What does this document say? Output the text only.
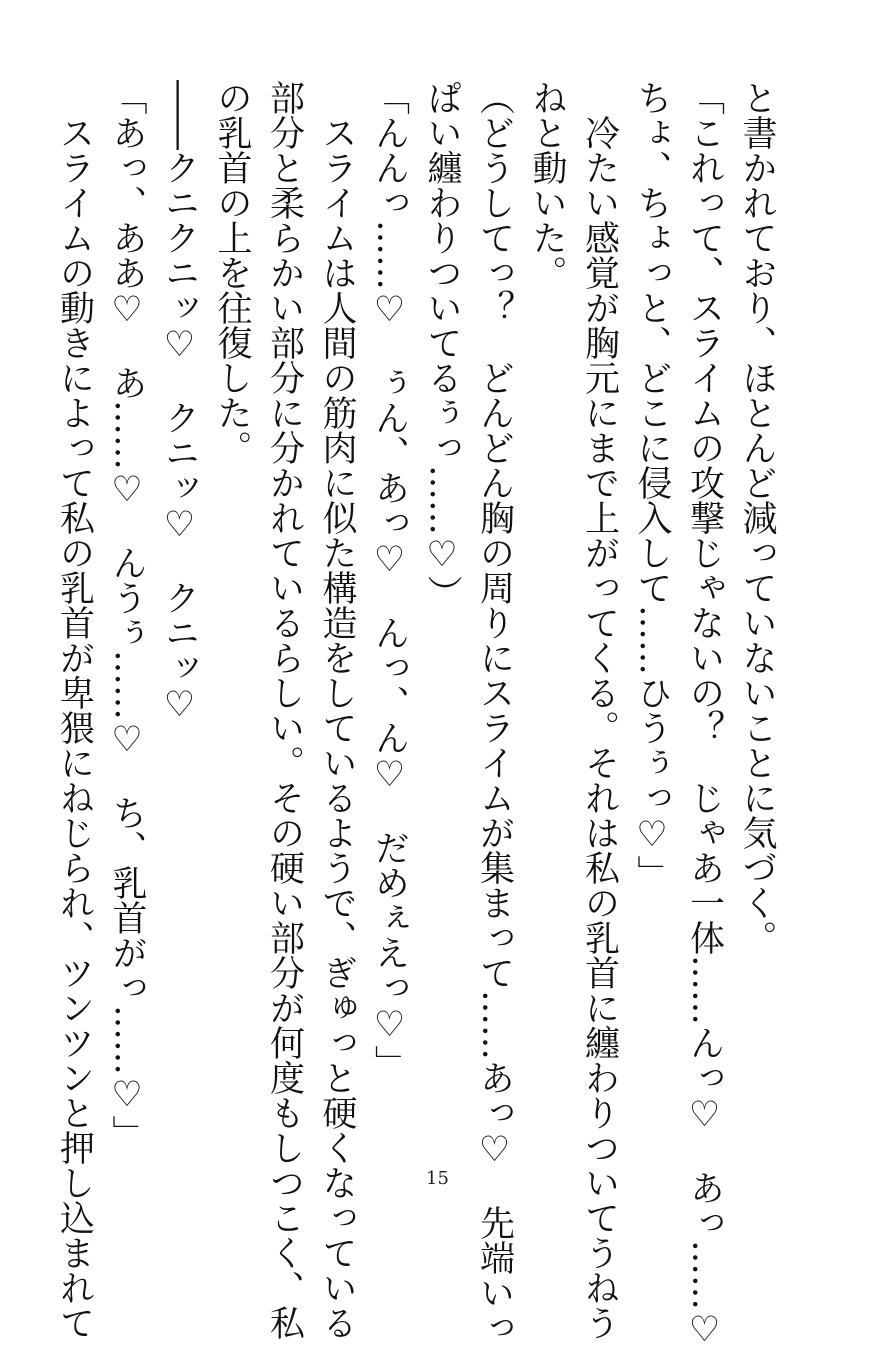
と書かれており、ほとんど減っていないことに気づく。

「これって、スライムの攻撃じゃないの？　じゃあ一体……んっ♡　あっ……♡

ちょ、ちょっと、どこに侵入して……ひうぅっ♡」

　冷たい感覚が胸元にまで上がってくる。それは私の乳首に纏わりついてうねう

ねと動いた。

（どうしてっ？　どんどん胸の周りにスライムが集まって……あっ♡　先端いっ

ぱい纏わりついてるぅっ……♡）

「んんっ……♡　ぅん、あっ♡　んっ、ん♡　だめぇえっ♡」

　スライムは人間の筋肉に似た構造をしているようで、ぎゅっと硬くなっている

部分と柔らかい部分に分かれているらしい。その硬い部分が何度もしつこく、私

の乳首の上を往復した。

――クニクニッ♡　クニッ♡　クニッ♡

「あっ、ああ♡　あ……♡　んうぅ……♡　ち、乳首がっ……♡」

　スライムの動きによって私の乳首が卑猥にねじられ、ツンツンと押し込まれて	15
